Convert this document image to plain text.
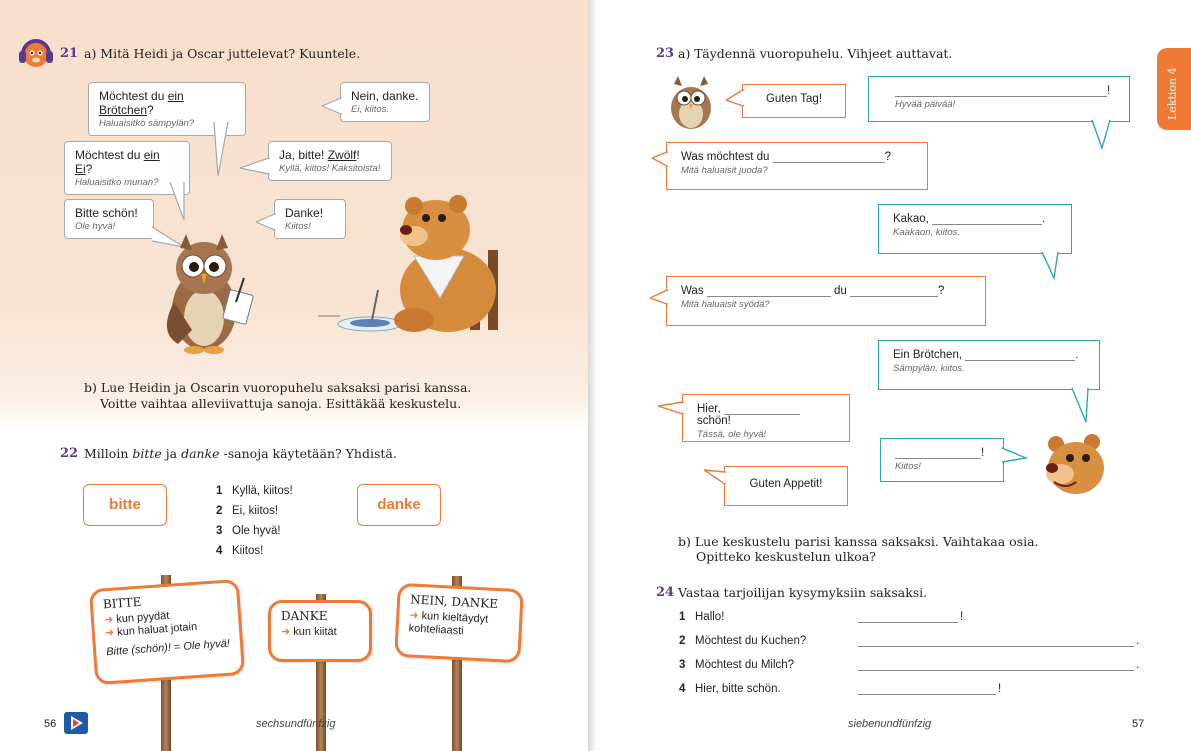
21 a) Mitä Heidi ja Oscar juttelevat? Kuuntele.
Möchtest du ein Brötchen?
Haluaisitko sämpylän?
Möchtest du ein Ei?
Haluaisitko munan?
Bitte schön!
Ole hyvä!
Nein, danke.
Ei, kiitos.
Ja, bitte! Zwölf!
Kyllä, kiitos! Kaksitoista!
Danke!
Kiitos!
b) Lue Heidin ja Oscarin vuoropuhelu saksaksi parisi kanssa.
Voitte vaihtaa alleviivattuja sanoja. Esittäkää keskustelu.
22 Milloin bitte ja danke -sanoja käytetään? Yhdistä.
bitte	danke
1 Kyllä, kiitos!
2 Ei, kiitos!
3 Ole hyvä!
4 Kiitos!
BITTE
➜ kun pyydät
➜ kun haluat jotain
Bitte (schön)! = Ole hyvä!
DANKE
➜ kun kiität
NEIN, DANKE
➜ kun kieltäydyt kohteliaasti
56	sechsundfünfzig
Lektion 4
23 a) Täydennä vuoropuhelu. Vihjeet auttavat.
Guten Tag!
!
Hyvää päivää!
Was möchtest du	?
Mitä haluaisit juoda?
Kakao,	.
Kaakaon, kiitos.
Was	du	?
Mitä haluaisit syödä?
Ein Brötchen,	.
Sämpylän, kiitos.
Hier,  schön!
Tässä, ole hyvä!
!
Kiitos!
Guten Appetit!
b) Lue keskustelu parisi kanssa saksaksi. Vaihtakaa osia.
Opitteko keskustelun ulkoa?
24 Vastaa tarjoilijan kysymyksiin saksaksi.
1 Hallo!	!
2 Möchtest du Kuchen?	.
3 Möchtest du Milch?	.
4 Hier, bitte schön.	!
siebenundfünfzig	57
